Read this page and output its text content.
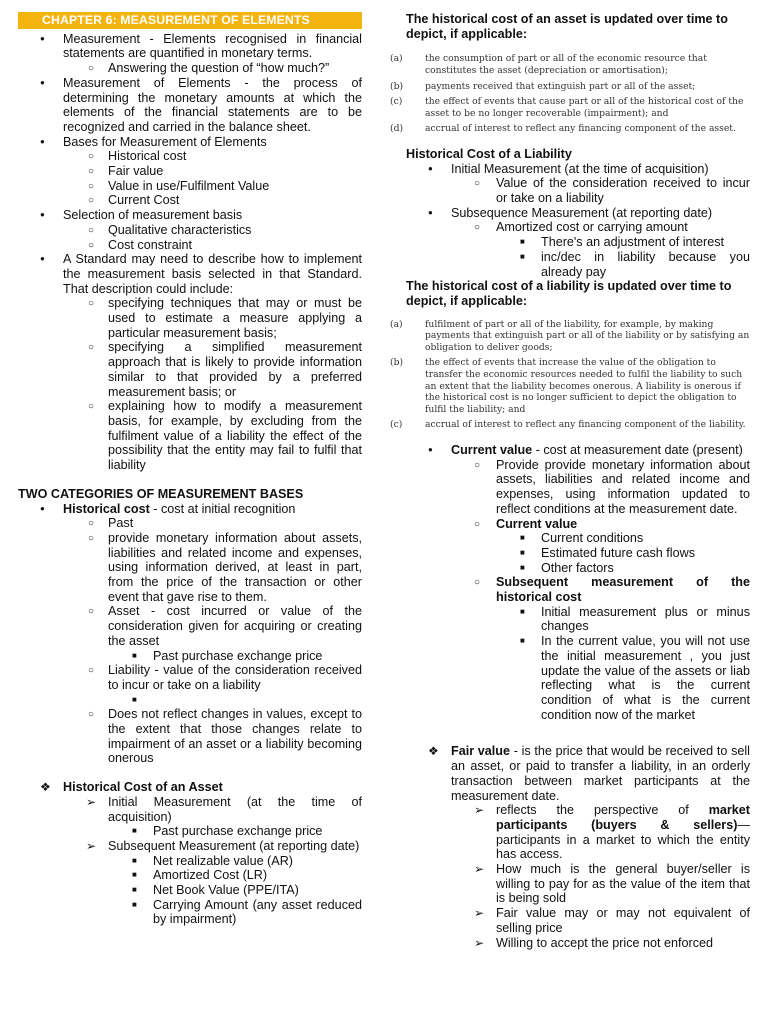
CHAPTER 6: MEASUREMENT OF ELEMENTS
●
Measurement - Elements recognised in financial statements are quantified in monetary terms.
○
Answering the question of “how much?”
●
Measurement of Elements - the process of determining the monetary amounts at which the elements of the financial statements are to be recognized and carried in the balance sheet.
●
Bases for Measurement of Elements
○
Historical cost
○
Fair value
○
Value in use/Fulfilment Value
○
Current Cost
●
Selection of measurement basis
○
Qualitative characteristics
○
Cost constraint
●
A Standard may need to describe how to implement the measurement basis selected in that Standard. That description could include:
○
specifying techniques that may or must be used to estimate a measure applying a particular measurement basis;
○
specifying a simplified measurement approach that is likely to provide information similar to that provided by a preferred measurement basis; or
○
explaining how to modify a measurement basis, for example, by excluding from the fulfilment value of a liability the effect of the possibility that the entity may fail to fulfil that liability
TWO CATEGORIES OF MEASUREMENT BASES
●
Historical cost - cost at initial recognition
○
Past
○
provide monetary information about assets, liabilities and related income and expenses, using information derived, at least in part, from the price of the transaction or other event that gave rise to them.
○
Asset - cost incurred or value of the consideration given for acquiring or creating the asset
■
Past purchase exchange price
○
Liability - value of the consideration received to incur or take on a liability
■

○
Does not reflect changes in values, except to the extent that those changes relate to impairment of an asset or a liability becoming onerous
❖
Historical Cost of an Asset
➢
Initial Measurement (at the time of acquisition)
■
Past purchase exchange price
➢
Subsequent Measurement (at reporting date)
■
Net realizable value (AR)
■
Amortized Cost (LR)
■
Net Book Value (PPE/ITA)
■
Carrying Amount (any asset reduced by impairment)
The historical cost of an asset is updated over time to depict, if applicable:
(a)	the consumption of part or all of the economic resource that constitutes the asset (depreciation or amortisation);
(b)	payments received that extinguish part or all of the asset;
(c)	the effect of events that cause part or all of the historical cost of the asset to be no longer recoverable (impairment); and
(d)	accrual of interest to reflect any financing component of the asset.
Historical Cost of a Liability
●
Initial Measurement (at the time of acquisition)
○
Value of the consideration received to incur or take on a liability
●
Subsequence Measurement (at reporting date)
○
Amortized cost or carrying amount
■
There's an adjustment of interest
■
inc/dec in liability because you already pay
The historical cost of a liability is updated over time to depict, if applicable:
(a)	fulfilment of part or all of the liability, for example, by making payments that extinguish part or all of the liability or by satisfying an obligation to deliver goods;
(b)	the effect of events that increase the value of the obligation to transfer the economic resources needed to fulfil the liability to such an extent that the liability becomes onerous. A liability is onerous if the historical cost is no longer sufficient to depict the obligation to fulfil the liability; and
(c)	accrual of interest to reflect any financing component of the liability.
●
Current value - cost at measurement date (present)
○
Provide provide monetary information about assets, liabilities and related income and expenses, using information updated to reflect conditions at the measurement date.
○
Current value
■
Current conditions
■
Estimated future cash flows
■
Other factors
○
Subsequent measurement of the historical cost
■
Initial measurement plus or minus changes
■
In the current value, you will not use the initial measurement , you just update the value of the assets or liab reflecting what is the current condition of what is the current condition now of the market
❖
Fair value - is the price that would be received to sell an asset, or paid to transfer a liability, in an orderly transaction between market participants at the measurement date.
➢
reflects the perspective of market participants (buyers & sellers)—participants in a market to which the entity has access.
➢
How much is the general buyer/seller is willing to pay for as the value of the item that is being sold
➢
Fair value may or may not equivalent of selling price
➢
Willing to accept the price not enforced
